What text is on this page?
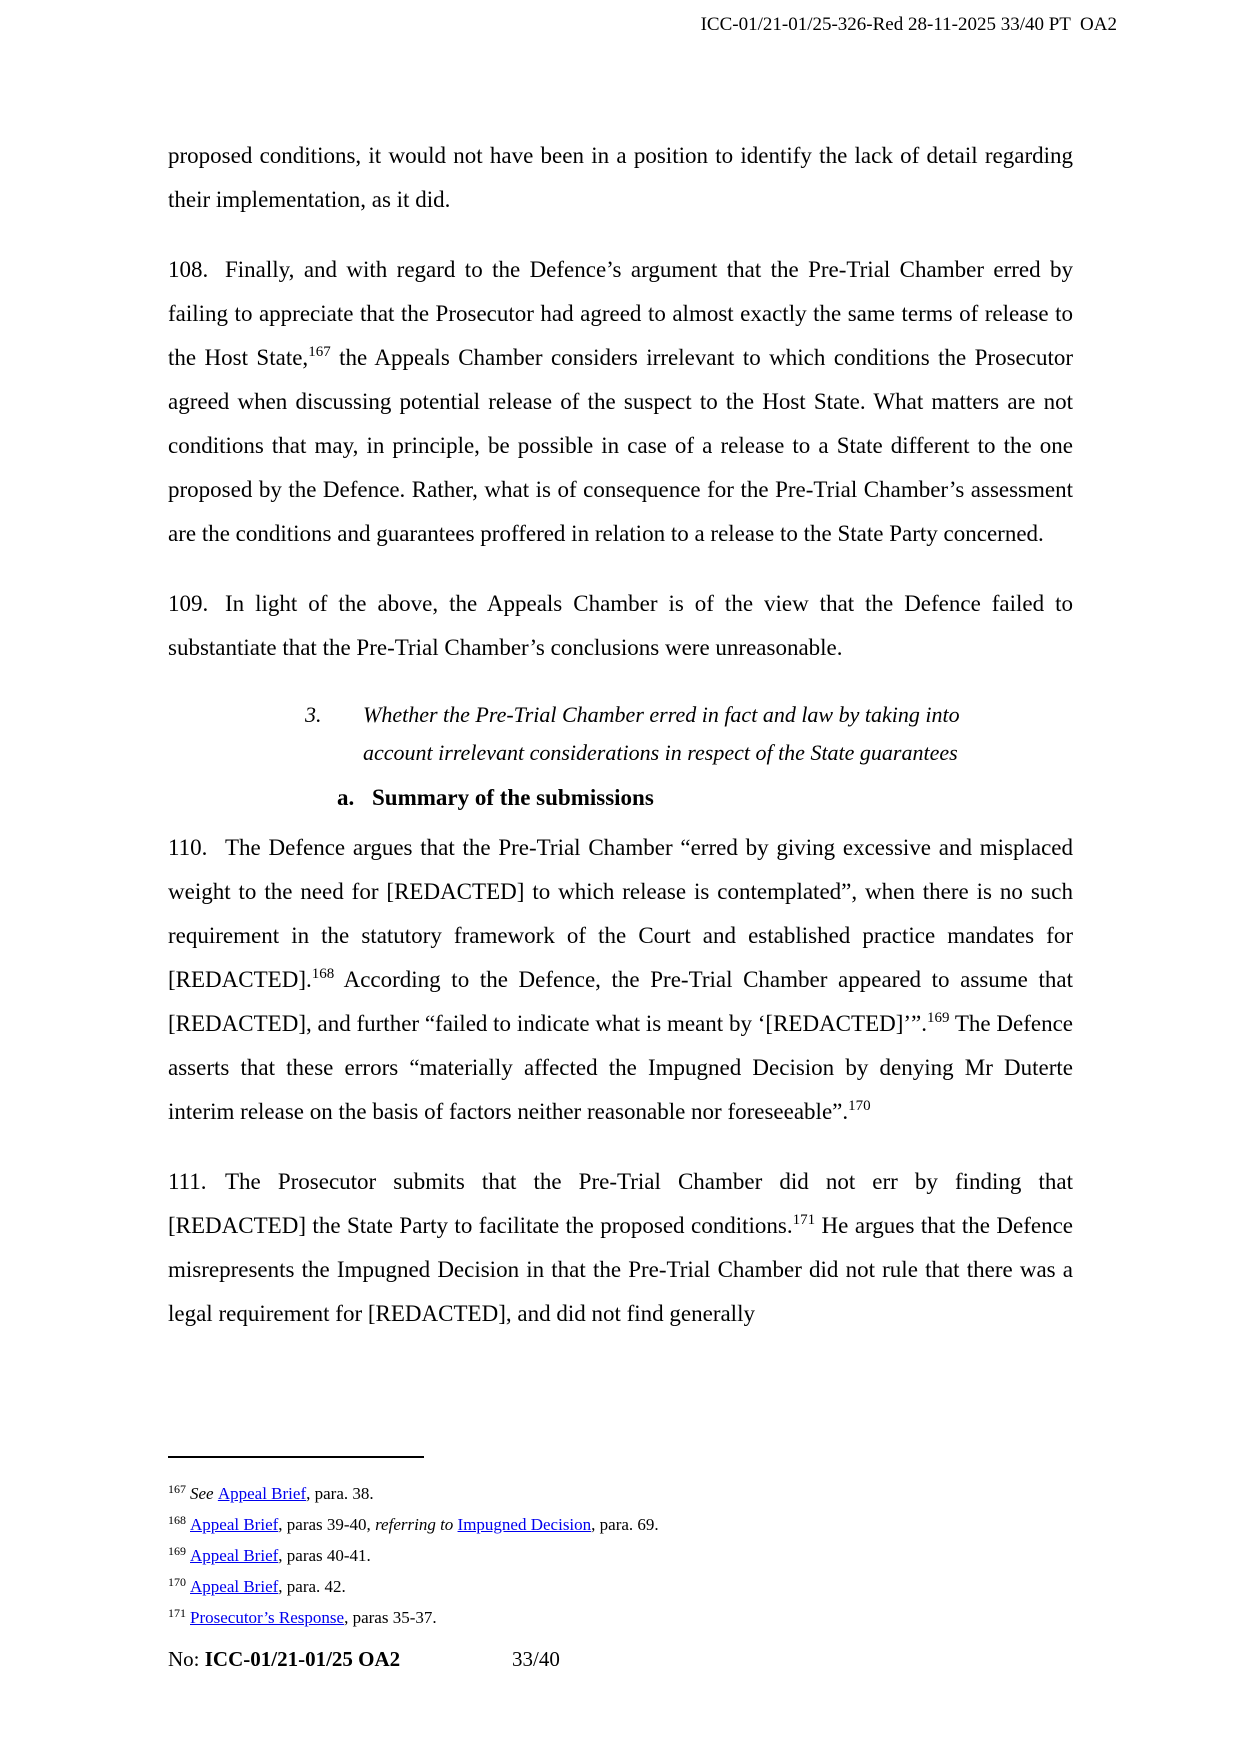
ICC-01/21-01/25-326-Red 28-11-2025 33/40 PT  OA2
proposed conditions, it would not have been in a position to identify the lack of detail regarding their implementation, as it did.
108. Finally, and with regard to the Defence’s argument that the Pre-Trial Chamber erred by failing to appreciate that the Prosecutor had agreed to almost exactly the same terms of release to the Host State,$^{167}$ the Appeals Chamber considers irrelevant to which conditions the Prosecutor agreed when discussing potential release of the suspect to the Host State. What matters are not conditions that may, in principle, be possible in case of a release to a State different to the one proposed by the Defence. Rather, what is of consequence for the Pre-Trial Chamber’s assessment are the conditions and guarantees proffered in relation to a release to the State Party concerned.
109. In light of the above, the Appeals Chamber is of the view that the Defence failed to substantiate that the Pre-Trial Chamber’s conclusions were unreasonable.
3. Whether the Pre-Trial Chamber erred in fact and law by taking into
account irrelevant considerations in respect of the State guarantees
a. Summary of the submissions
110. The Defence argues that the Pre-Trial Chamber “erred by giving excessive and misplaced weight to the need for [REDACTED] to which release is contemplated”, when there is no such requirement in the statutory framework of the Court and established practice mandates for [REDACTED].$^{168}$ According to the Defence, the Pre-Trial Chamber appeared to assume that [REDACTED], and further “failed to indicate what is meant by ‘[REDACTED]’”.$^{169}$ The Defence asserts that these errors “materially affected the Impugned Decision by denying Mr Duterte interim release on the basis of factors neither reasonable nor foreseeable”.$^{170}$
111. The Prosecutor submits that the Pre-Trial Chamber did not err by finding that [REDACTED] the State Party to facilitate the proposed conditions.$^{171}$ He argues that the Defence misrepresents the Impugned Decision in that the Pre-Trial Chamber did not rule that there was a legal requirement for [REDACTED], and did not find generally
$^{167}$ See Appeal Brief, para. 38.
$^{168}$ Appeal Brief, paras 39-40, referring to Impugned Decision, para. 69.
$^{169}$ Appeal Brief, paras 40-41.
$^{170}$ Appeal Brief, para. 42.
$^{171}$ Prosecutor’s Response, paras 35-37.
No: ICC-01/21-01/25 OA2	33/40
